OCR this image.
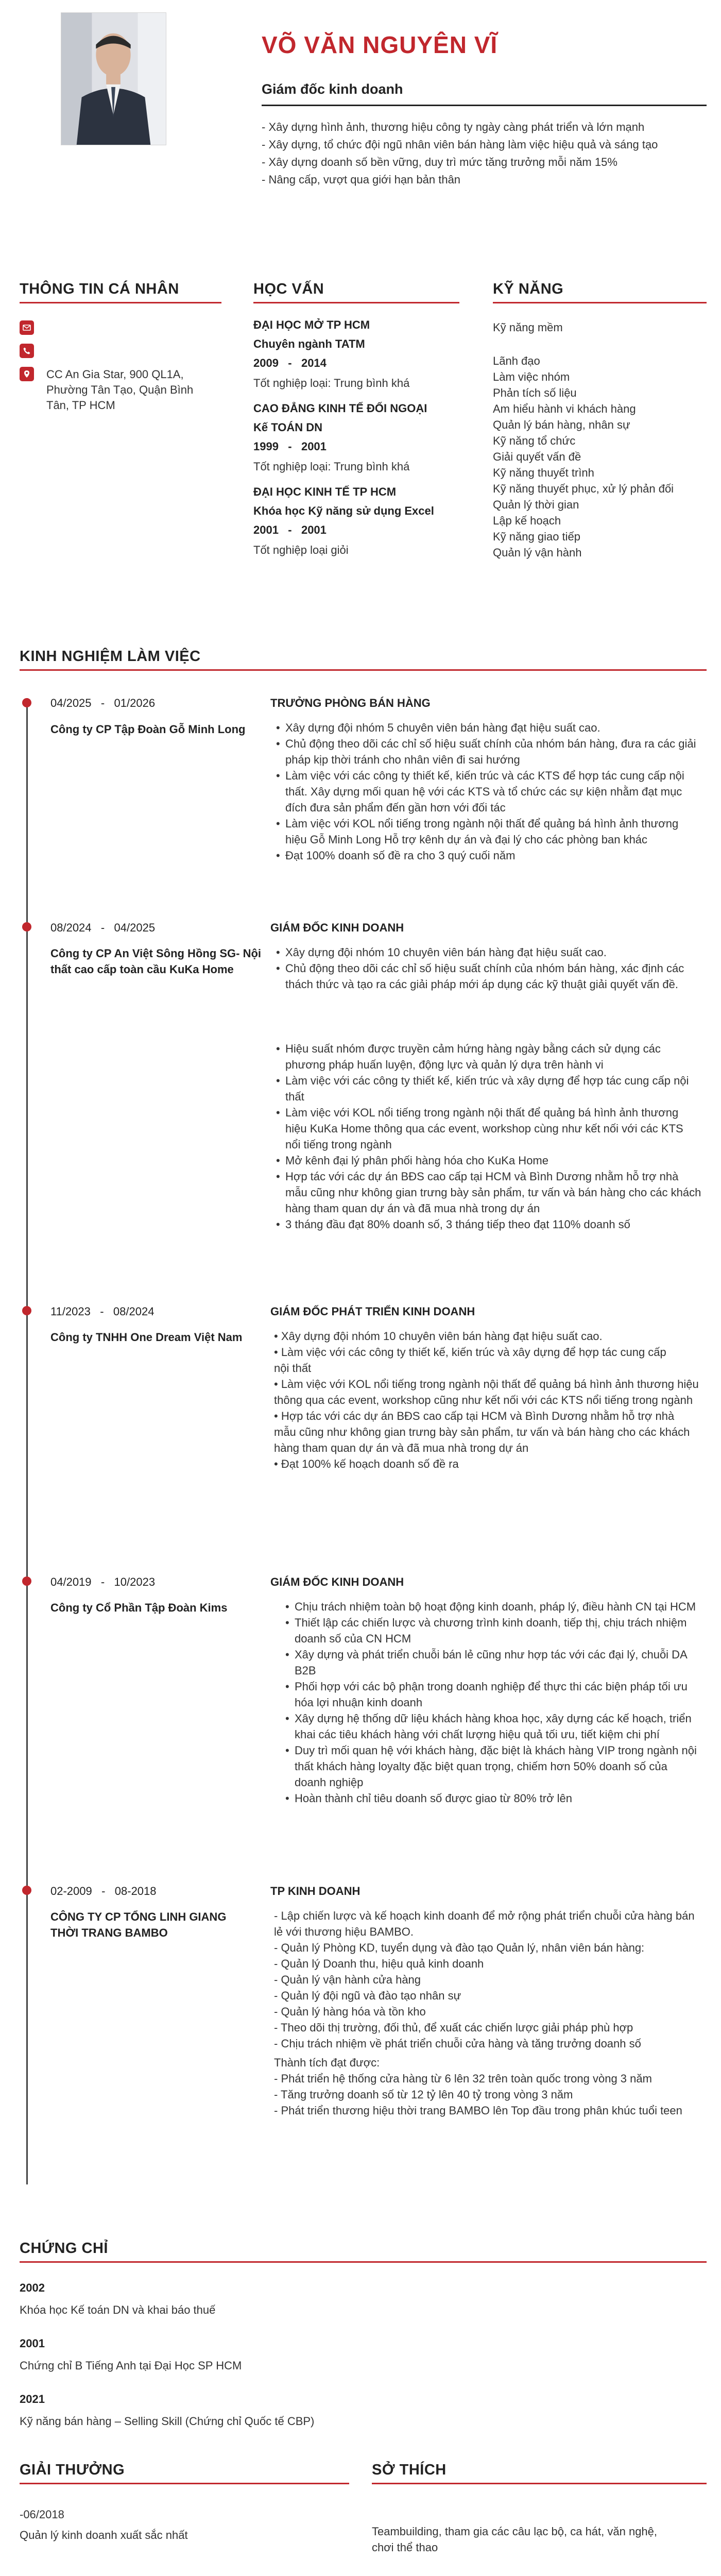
VÕ VĂN NGUYÊN VĨ
Giám đốc kinh doanh
- Xây dựng hình ảnh, thương hiệu công ty ngày càng phát triển và lớn mạnh
- Xây dựng, tổ chức đội ngũ nhân viên bán hàng làm việc hiệu quả và sáng tạo
- Xây dựng doanh số bền vững, duy trì mức tăng trưởng mỗi năm 15%
- Nâng cấp, vượt qua giới hạn bản thân
THÔNG TIN CÁ NHÂN
CC An Gia Star, 900 QL1A, Phường Tân Tạo, Quận Bình Tân, TP HCM
HỌC VẤN
ĐẠI HỌC MỞ TP HCM
Chuyên ngành TATM
2009   -   2014
Tốt nghiệp loại: Trung bình khá
CAO ĐẲNG KINH TẾ ĐỐI NGOẠI
Kế TOÁN DN
1999   -   2001
Tốt nghiệp loại: Trung bình khá
ĐẠI HỌC KINH TẾ TP HCM
Khóa học Kỹ năng sử dụng Excel
2001   -   2001
Tốt nghiệp loại giỏi
KỸ NĂNG
Kỹ năng mềm
Lãnh đạo
Làm việc nhóm
Phản tích số liệu
Am hiểu hành vi khách hàng
Quản lý bán hàng, nhân sự
Kỹ năng tổ chức
Giải quyết vấn đề
Kỹ năng thuyết trình
Kỹ năng thuyết phục, xử lý phản đối
Quản lý thời gian
Lập kế hoạch
Kỹ năng giao tiếp
Quản lý vận hành
KINH NGHIỆM LÀM VIỆC
04/2025 - 01/2026
Công ty CP Tập Đoàn Gỗ Minh Long
TRƯỞNG PHÒNG BÁN HÀNG
• Xây dựng đội nhóm 5 chuyên viên bán hàng đạt hiệu suất cao.
• Chủ động theo dõi các chỉ số hiệu suất chính của nhóm bán hàng, đưa ra các giải pháp kịp thời tránh cho nhân viên đi sai hướng
• Làm việc với các công ty thiết kế, kiến trúc và các KTS để hợp tác cung cấp nội thất. Xây dựng mối quan hệ với các KTS và tổ chức các sự kiện nhằm đạt mục đích đưa sản phẩm đến gần hơn với đối tác
• Làm việc với KOL nổi tiếng trong ngành nội thất để quảng bá hình ảnh thương hiệu Gỗ Minh Long Hỗ trợ kênh dự án và đại lý cho các phòng ban khác
• Đạt 100% doanh số đề ra cho 3 quý cuối năm
08/2024 - 04/2025
Công ty CP An Việt Sông Hồng SG- Nội thất cao cấp toàn cầu KuKa Home
GIÁM ĐỐC KINH DOANH
• Xây dựng đội nhóm 10 chuyên viên bán hàng đạt hiệu suất cao.
• Chủ động theo dõi các chỉ số hiệu suất chính của nhóm bán hàng, xác định các thách thức và tạo ra các giải pháp mới áp dụng các kỹ thuật giải quyết vấn đề.
• Hiệu suất nhóm được truyền cảm hứng hàng ngày bằng cách sử dụng các phương pháp huấn luyện, động lực và quản lý dựa trên hành vi
• Làm việc với các công ty thiết kế, kiến trúc và xây dựng để hợp tác cung cấp nội thất
• Làm việc với KOL nổi tiếng trong ngành nội thất để quảng bá hình ảnh thương hiệu KuKa Home thông qua các event, workshop cùng như kết nối với các KTS nổi tiếng trong ngành
• Mở kênh đại lý phân phối hàng hóa cho KuKa Home
• Hợp tác với các dự án BĐS cao cấp tại HCM và Bình Dương nhằm hỗ trợ nhà mẫu cũng như không gian trưng bày sản phẩm, tư vấn và bán hàng cho các khách hàng tham quan dự án và đã mua nhà trong dự án
• 3 tháng đầu đạt 80% doanh số, 3 tháng tiếp theo đạt 110% doanh số
11/2023 - 08/2024
Công ty TNHH One Dream Việt Nam
GIÁM ĐỐC PHÁT TRIỂN KINH DOANH
• Xây dựng đội nhóm 10 chuyên viên bán hàng đạt hiệu suất cao.
• Làm việc với các công ty thiết kế, kiến trúc và xây dựng để hợp tác cung cấp
nội thất
• Làm việc với KOL nổi tiếng trong ngành nội thất để quảng bá hình ảnh thương hiệu thông qua các event, workshop cũng như kết nối với các KTS nổi tiếng trong ngành
• Hợp tác với các dự án BĐS cao cấp tại HCM và Bình Dương nhằm hỗ trợ nhà
mẫu cũng như không gian trưng bày sản phẩm, tư vấn và bán hàng cho các khách hàng tham quan dự án và đã mua nhà trong dự án
• Đạt 100% kế hoạch doanh số đề ra
04/2019 - 10/2023
Công ty Cổ Phần Tập Đoàn Kims
GIÁM ĐỐC KINH DOANH
• Chịu trách nhiệm toàn bộ hoạt động kinh doanh, pháp lý, điều hành CN tại HCM
• Thiết lập các chiến lược và chương trình kinh doanh, tiếp thị, chịu trách nhiệm doanh số của CN HCM
• Xây dựng và phát triển chuỗi bán lẻ cũng như hợp tác với các đại lý, chuỗi DA B2B
• Phối hợp với các bộ phận trong doanh nghiệp để thực thi các biện pháp tối ưu hóa lợi nhuận kinh doanh
• Xây dựng hệ thống dữ liệu khách hàng khoa học, xây dựng các kế hoạch, triển khai các tiêu khách hàng với chất lượng hiệu quả tối ưu, tiết kiệm chi phí
• Duy trì mối quan hệ với khách hàng, đặc biệt là khách hàng VIP trong ngành nội thất khách hàng loyalty đặc biệt quan trọng, chiếm hơn 50% doanh số của doanh nghiệp
• Hoàn thành chỉ tiêu doanh số được giao từ 80% trở lên
02-2009 - 08-2018
CÔNG TY CP TỔNG LINH GIANG THỜI TRANG BAMBO
TP KINH DOANH
- Lập chiến lược và kế hoạch kinh doanh để mở rộng phát triển chuỗi cửa hàng bán lẻ với thương hiệu BAMBO.
- Quản lý Phòng KD, tuyển dụng và đào tạo Quản lý, nhân viên bán hàng:
- Quản lý Doanh thu, hiệu quả kinh doanh
- Quản lý vận hành cửa hàng
- Quản lý đội ngũ và đào tạo nhân sự
- Quản lý hàng hóa và tồn kho
- Theo dõi thị trường, đối thủ, để xuất các chiến lược giải pháp phù hợp
- Chịu trách nhiệm về phát triển chuỗi cửa hàng và tăng trưởng doanh số
Thành tích đạt được:
- Phát triển hệ thống cửa hàng từ 6 lên 32 trên toàn quốc trong vòng 3 năm
- Tăng trưởng doanh số từ 12 tỷ lên 40 tỷ trong vòng 3 năm
- Phát triển thương hiệu thời trang BAMBO lên Top đầu trong phân khúc tuổi teen
CHỨNG CHỈ
2002
Khóa học Kế toán DN và khai báo thuế
2001
Chứng chỉ B Tiếng Anh tại Đại Học SP HCM
2021
Kỹ năng bán hàng – Selling Skill (Chứng chỉ Quốc tế CBP)
GIẢI THƯỞNG
-06/2018
Quản lý kinh doanh xuất sắc nhất
SỞ THÍCH
Teambuilding, tham gia các câu lạc bộ, ca hát, văn nghệ, chơi thể thao
